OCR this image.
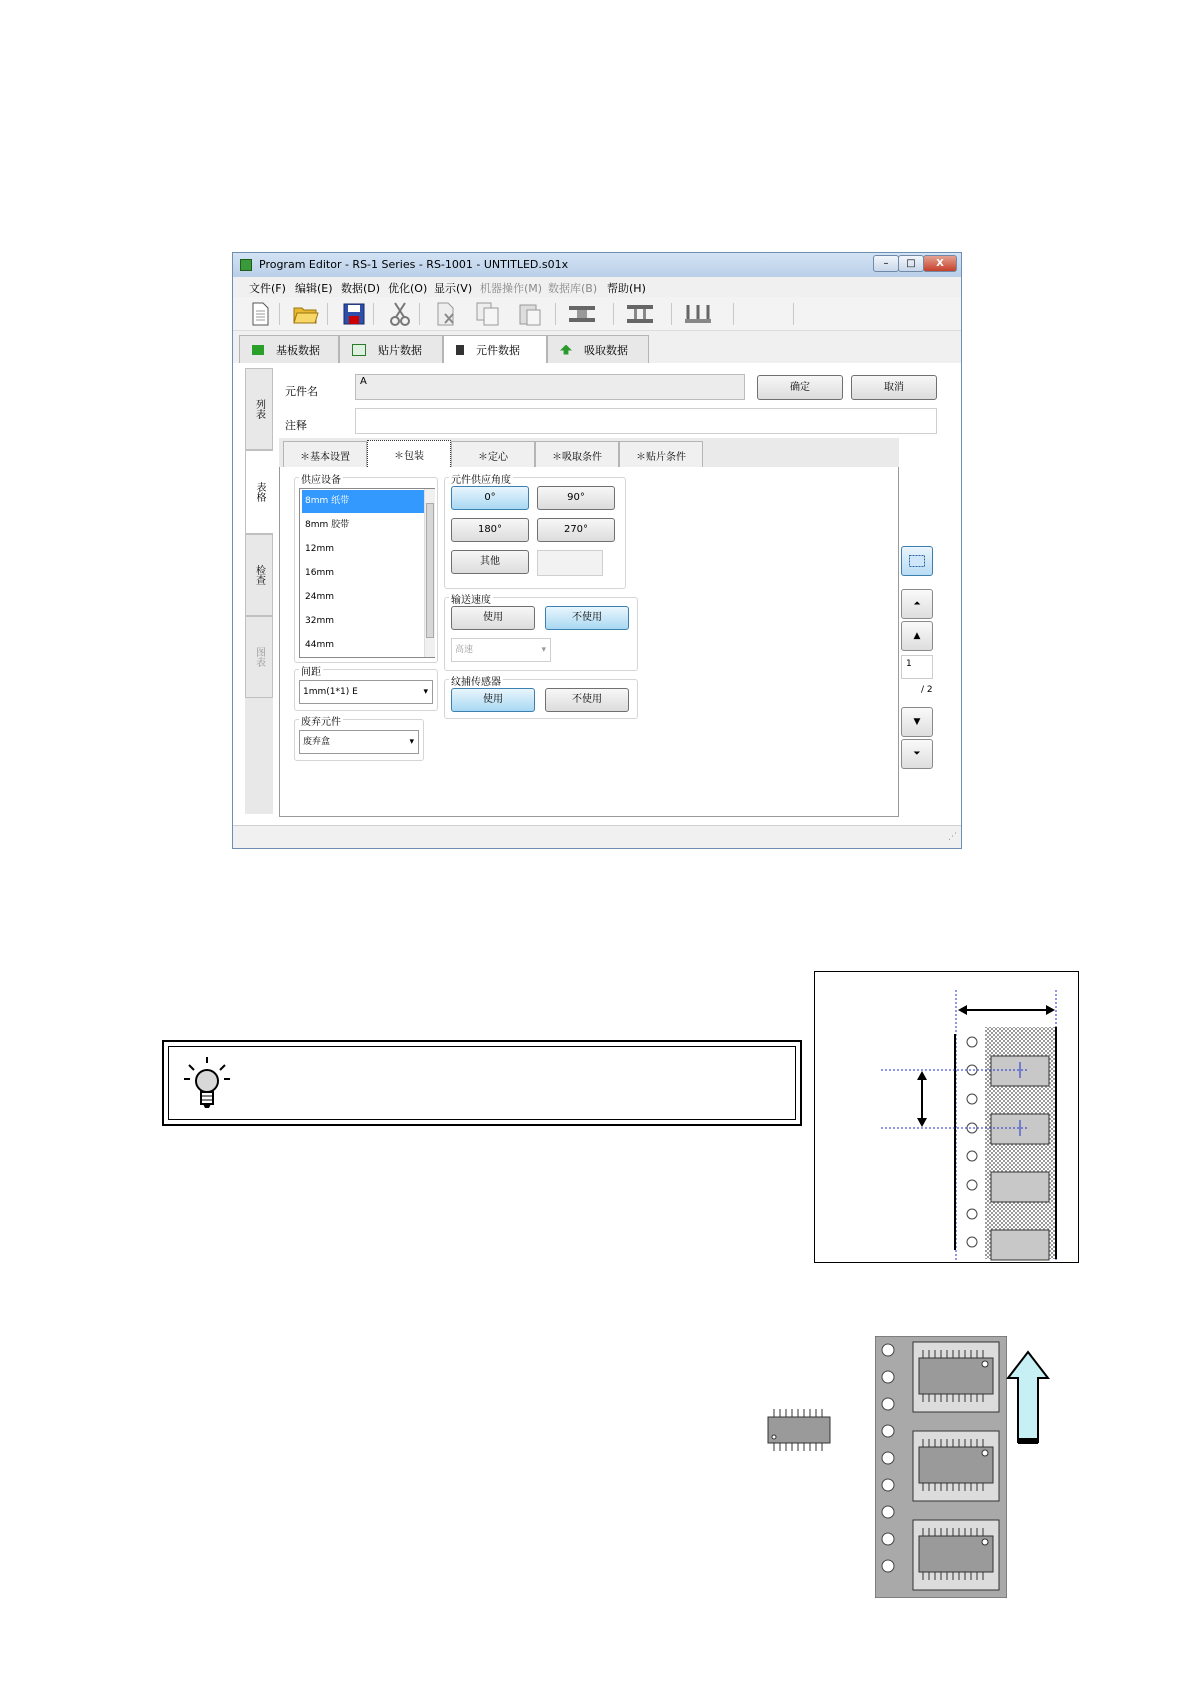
Program Editor - RS-1 Series - RS-1001 - UNTITLED.s01x	–	□	X
文件(F) 编辑(E) 数据(D) 优化(O) 显示(V) 机器操作(M) 数据库(B) 帮助(H)
基板数据	贴片数据	元件数据	吸取数据
列表
表格
检查
图表
元件名
A
确定	取消
注释
＊基本设置	＊包装	＊定心	＊吸取条件	＊贴片条件
供应设备
8mm 纸带
8mm 胶带
12mm
16mm
24mm
32mm
44mm
间距
1mm(1*1) E	▾
废弃元件
废弃盒	▾
元件供应角度
0°	90°
180°	270°
其他
输送速度
使用	不使用
高速	▾
纹捕传感器
使用	不使用
⏶
▲
1
/ 2
▼
⏷
⋰
